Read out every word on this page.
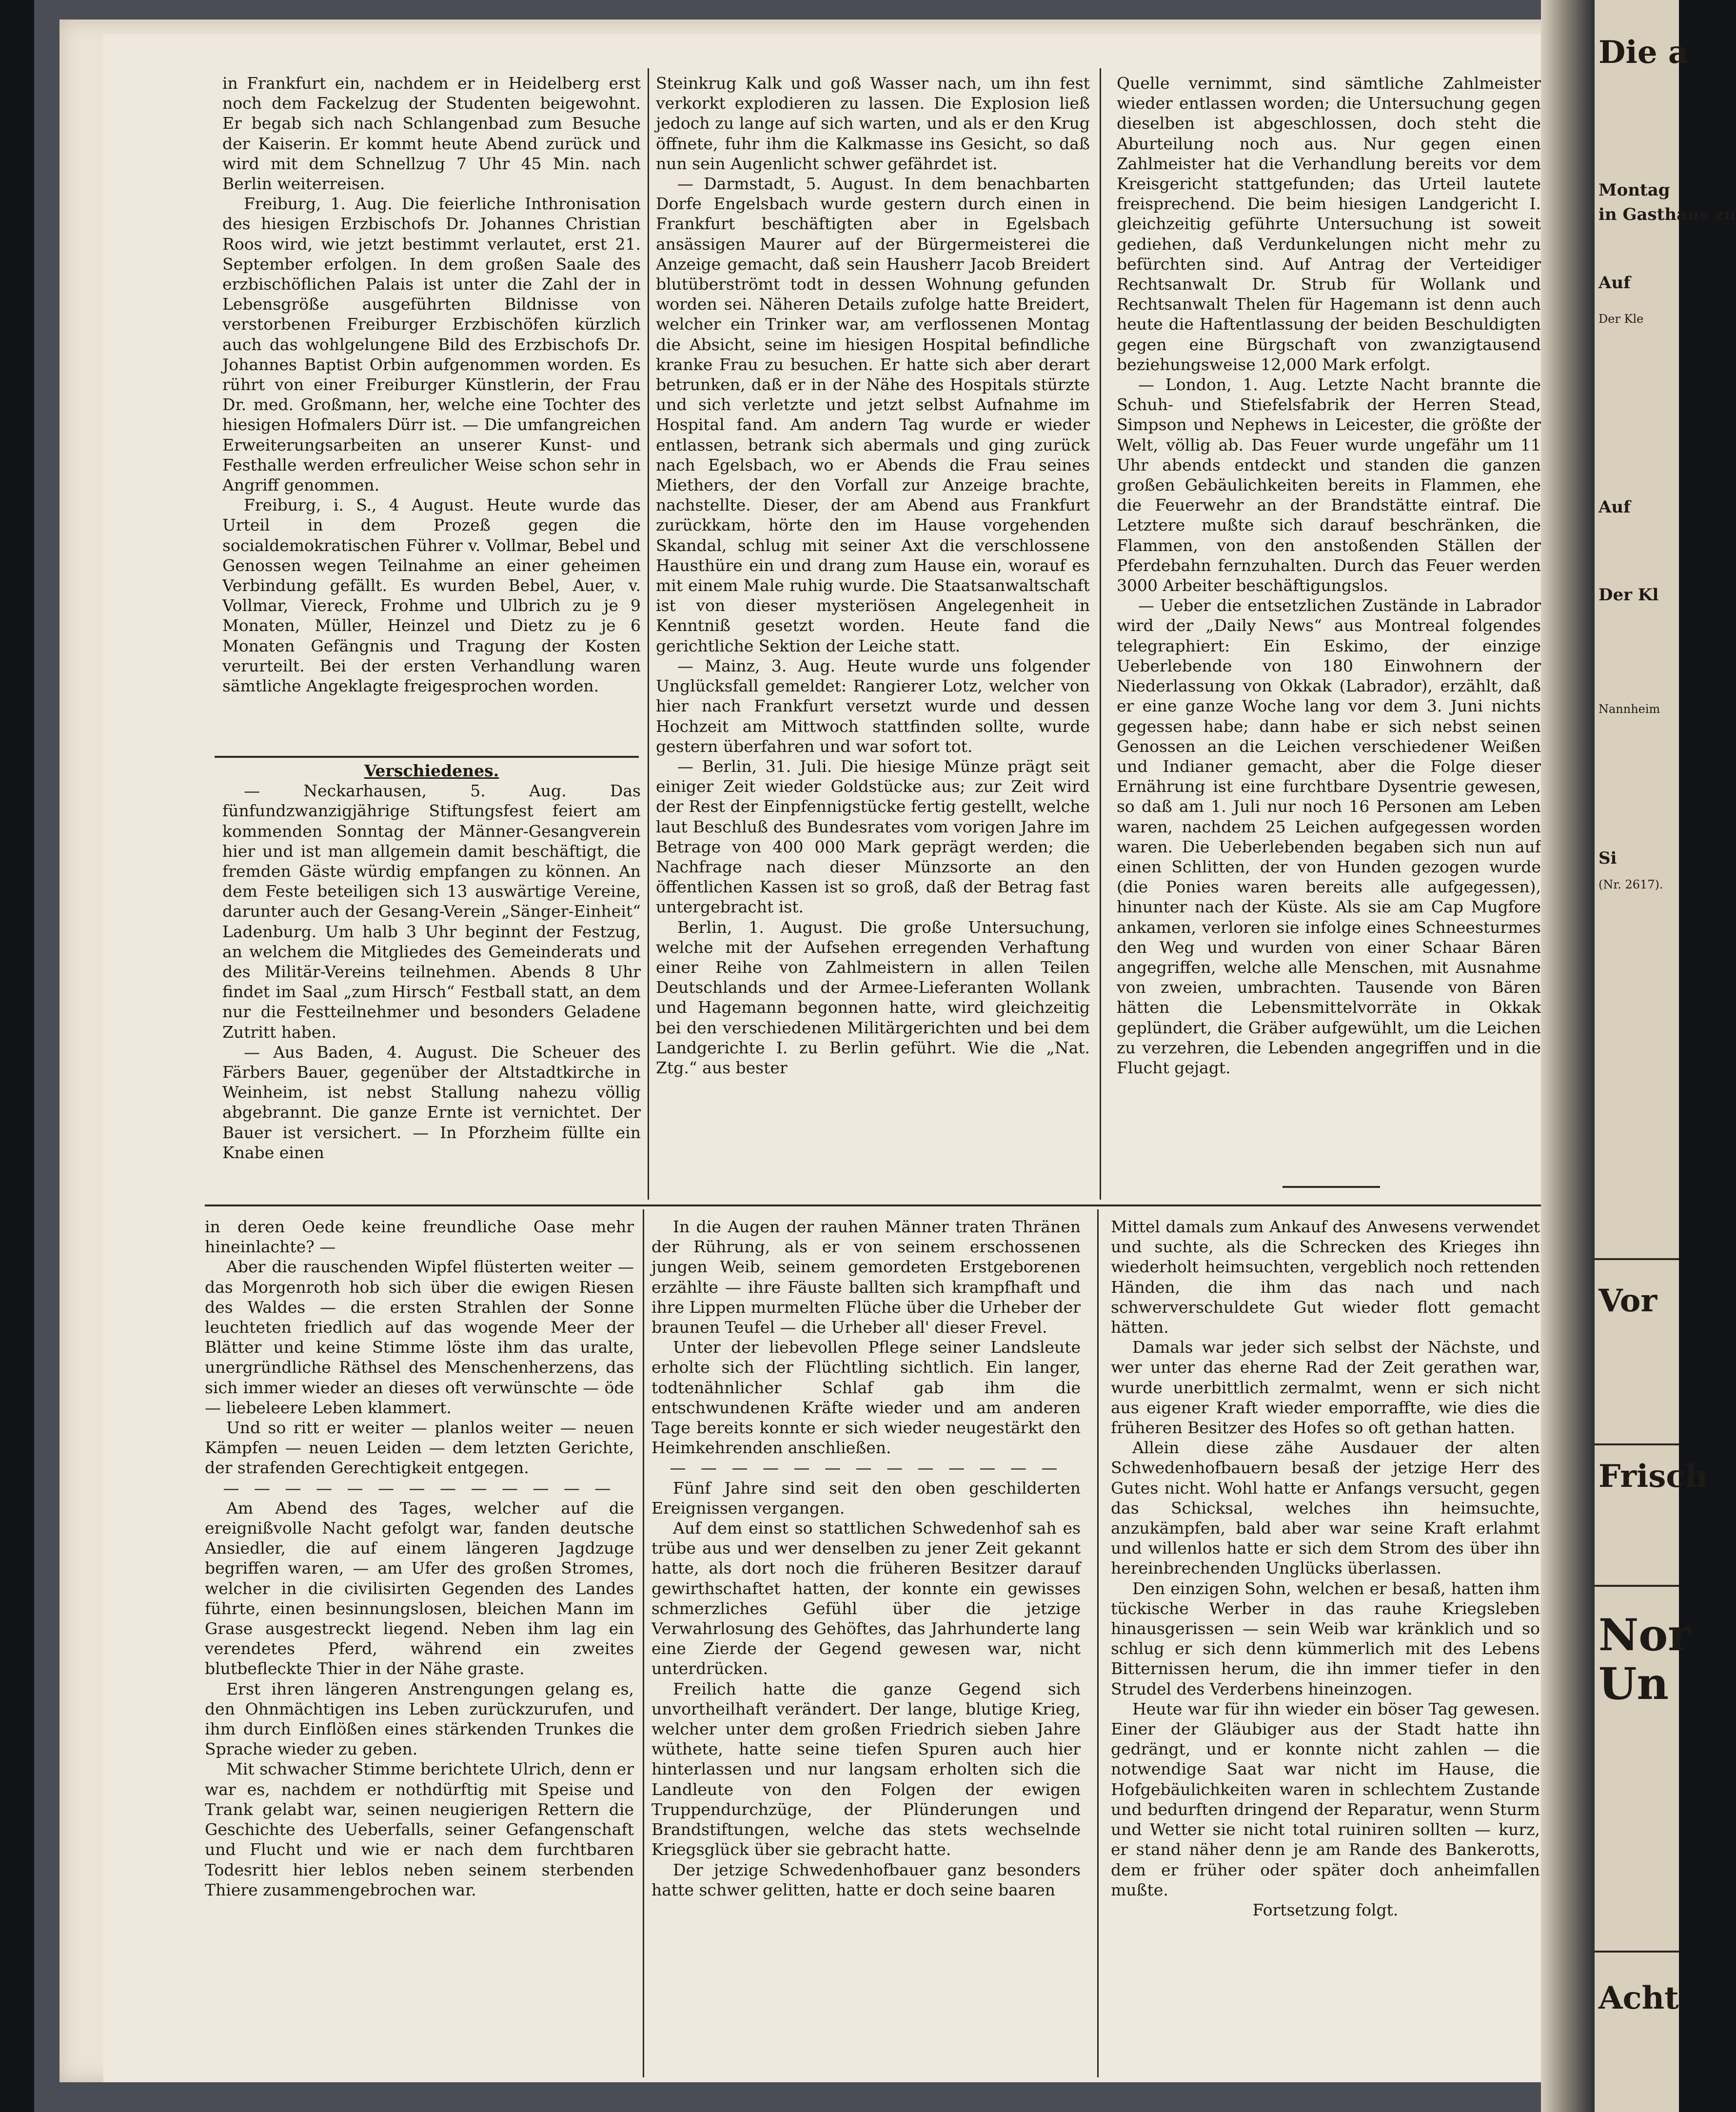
in Frankfurt ein, nachdem er in Heidelberg erst noch dem Fackelzug der Studenten beigewohnt. Er begab sich nach Schlangenbad zum Besuche der Kaiserin. Er kommt heute Abend zurück und wird mit dem Schnellzug 7 Uhr 45 Min. nach Berlin weiterreisen.

Freiburg, 1. Aug. Die feierliche Inthronisation des hiesigen Erzbischofs Dr. Johannes Christian Roos wird, wie jetzt bestimmt verlautet, erst 21. September erfolgen. In dem großen Saale des erzbischöflichen Palais ist unter die Zahl der in Lebensgröße ausgeführten Bildnisse von verstorbenen Freiburger Erzbischöfen kürzlich auch das wohlgelungene Bild des Erzbischofs Dr. Johannes Baptist Orbin aufgenommen worden. Es rührt von einer Freiburger Künstlerin, der Frau Dr. med. Großmann, her, welche eine Tochter des hiesigen Hofmalers Dürr ist. — Die umfangreichen Erweiterungsarbeiten an unserer Kunst- und Festhalle werden erfreulicher Weise schon sehr in Angriff genommen.

Freiburg, i. S., 4 August. Heute wurde das Urteil in dem Prozeß gegen die socialdemokratischen Führer v. Vollmar, Bebel und Genossen wegen Teilnahme an einer geheimen Verbindung gefällt. Es wurden Bebel, Auer, v. Vollmar, Viereck, Frohme und Ulbrich zu je 9 Monaten, Müller, Heinzel und Dietz zu je 6 Monaten Gefängnis und Tragung der Kosten verurteilt. Bei der ersten Verhandlung waren sämtliche Angeklagte freigesprochen worden.

Verschiedenes.

— Neckarhausen, 5. Aug. Das fünfundzwanzigjährige Stiftungsfest feiert am kommenden Sonntag der Männer-Gesangverein hier und ist man allgemein damit beschäftigt, die fremden Gäste würdig empfangen zu können. An dem Feste beteiligen sich 13 auswärtige Vereine, darunter auch der Gesang-Verein „Sänger-Einheit“ Ladenburg. Um halb 3 Uhr beginnt der Festzug, an welchem die Mitgliedes des Gemeinderats und des Militär-Vereins teilnehmen. Abends 8 Uhr findet im Saal „zum Hirsch“ Festball statt, an dem nur die Festteilnehmer und besonders Geladene Zutritt haben.

— Aus Baden, 4. August. Die Scheuer des Färbers Bauer, gegenüber der Altstadtkirche in Weinheim, ist nebst Stallung nahezu völlig abgebrannt. Die ganze Ernte ist vernichtet. Der Bauer ist versichert. — In Pforzheim füllte ein Knabe einen

Steinkrug Kalk und goß Wasser nach, um ihn fest verkorkt explodieren zu lassen. Die Explosion ließ jedoch zu lange auf sich warten, und als er den Krug öffnete, fuhr ihm die Kalkmasse ins Gesicht, so daß nun sein Augenlicht schwer gefährdet ist.

— Darmstadt, 5. August. In dem benachbarten Dorfe Engelsbach wurde gestern durch einen in Frankfurt beschäftigten aber in Egelsbach ansässigen Maurer auf der Bürgermeisterei die Anzeige gemacht, daß sein Hausherr Jacob Breidert blutüberströmt todt in dessen Wohnung gefunden worden sei. Näheren Details zufolge hatte Breidert, welcher ein Trinker war, am verflossenen Montag die Absicht, seine im hiesigen Hospital befindliche kranke Frau zu besuchen. Er hatte sich aber derart betrunken, daß er in der Nähe des Hospitals stürzte und sich verletzte und jetzt selbst Aufnahme im Hospital fand. Am andern Tag wurde er wieder entlassen, betrank sich abermals und ging zurück nach Egelsbach, wo er Abends die Frau seines Miethers, der den Vorfall zur Anzeige brachte, nachstellte. Dieser, der am Abend aus Frankfurt zurückkam, hörte den im Hause vorgehenden Skandal, schlug mit seiner Axt die verschlossene Hausthüre ein und drang zum Hause ein, worauf es mit einem Male ruhig wurde. Die Staatsanwaltschaft ist von dieser mysteriösen Angelegenheit in Kenntniß gesetzt worden. Heute fand die gerichtliche Sektion der Leiche statt.

— Mainz, 3. Aug. Heute wurde uns folgender Unglücksfall gemeldet: Rangierer Lotz, welcher von hier nach Frankfurt versetzt wurde und dessen Hochzeit am Mittwoch stattfinden sollte, wurde gestern überfahren und war sofort tot.

— Berlin, 31. Juli. Die hiesige Münze prägt seit einiger Zeit wieder Goldstücke aus; zur Zeit wird der Rest der Einpfennigstücke fertig gestellt, welche laut Beschluß des Bundesrates vom vorigen Jahre im Betrage von 400 000 Mark geprägt werden; die Nachfrage nach dieser Münzsorte an den öffentlichen Kassen ist so groß, daß der Betrag fast untergebracht ist.

Berlin, 1. August. Die große Untersuchung, welche mit der Aufsehen erregenden Verhaftung einer Reihe von Zahlmeistern in allen Teilen Deutschlands und der Armee-Lieferanten Wollank und Hagemann begonnen hatte, wird gleichzeitig bei den verschiedenen Militärgerichten und bei dem Landgerichte I. zu Berlin geführt. Wie die „Nat. Ztg.“ aus bester

Quelle vernimmt, sind sämtliche Zahlmeister wieder entlassen worden; die Untersuchung gegen dieselben ist abgeschlossen, doch steht die Aburteilung noch aus. Nur gegen einen Zahlmeister hat die Verhandlung bereits vor dem Kreisgericht stattgefunden; das Urteil lautete freisprechend. Die beim hiesigen Landgericht I. gleichzeitig geführte Untersuchung ist soweit gediehen, daß Verdunkelungen nicht mehr zu befürchten sind. Auf Antrag der Verteidiger Rechtsanwalt Dr. Strub für Wollank und Rechtsanwalt Thelen für Hagemann ist denn auch heute die Haftentlassung der beiden Beschuldigten gegen eine Bürgschaft von zwanzigtausend beziehungsweise 12,000 Mark erfolgt.

— London, 1. Aug. Letzte Nacht brannte die Schuh- und Stiefelsfabrik der Herren Stead, Simpson und Nephews in Leicester, die größte der Welt, völlig ab. Das Feuer wurde ungefähr um 11 Uhr abends entdeckt und standen die ganzen großen Gebäulichkeiten bereits in Flammen, ehe die Feuerwehr an der Brandstätte eintraf. Die Letztere mußte sich darauf beschränken, die Flammen, von den anstoßenden Ställen der Pferdebahn fernzuhalten. Durch das Feuer werden 3000 Arbeiter beschäftigungslos.

— Ueber die entsetzlichen Zustände in Labrador wird der „Daily News“ aus Montreal folgendes telegraphiert: Ein Eskimo, der einzige Ueberlebende von 180 Einwohnern der Niederlassung von Okkak (Labrador), erzählt, daß er eine ganze Woche lang vor dem 3. Juni nichts gegessen habe; dann habe er sich nebst seinen Genossen an die Leichen verschiedener Weißen und Indianer gemacht, aber die Folge dieser Ernährung ist eine furchtbare Dysentrie gewesen, so daß am 1. Juli nur noch 16 Personen am Leben waren, nachdem 25 Leichen aufgegessen worden waren. Die Ueberlebenden begaben sich nun auf einen Schlitten, der von Hunden gezogen wurde (die Ponies waren bereits alle aufgegessen), hinunter nach der Küste. Als sie am Cap Mugfore ankamen, verloren sie infolge eines Schneesturmes den Weg und wurden von einer Schaar Bären angegriffen, welche alle Menschen, mit Ausnahme von zweien, umbrachten. Tausende von Bären hätten die Lebensmittelvorräte in Okkak geplündert, die Gräber aufgewühlt, um die Leichen zu verzehren, die Lebenden angegriffen und in die Flucht gejagt.

in deren Oede keine freundliche Oase mehr hineinlachte? —

Aber die rauschenden Wipfel flüsterten weiter — das Morgenroth hob sich über die ewigen Riesen des Waldes — die ersten Strahlen der Sonne leuchteten friedlich auf das wogende Meer der Blätter und keine Stimme löste ihm das uralte, unergründliche Räthsel des Menschenherzens, das sich immer wieder an dieses oft verwünschte — öde — liebeleere Leben klammert.

Und so ritt er weiter — planlos weiter — neuen Kämpfen — neuen Leiden — dem letzten Gerichte, der strafenden Gerechtigkeit entgegen.

— — — — — — — — — — — — —

Am Abend des Tages, welcher auf die ereignißvolle Nacht gefolgt war, fanden deutsche Ansiedler, die auf einem längeren Jagdzuge begriffen waren, — am Ufer des großen Stromes, welcher in die civilisirten Gegenden des Landes führte, einen besinnungslosen, bleichen Mann im Grase ausgestreckt liegend. Neben ihm lag ein verendetes Pferd, während ein zweites blutbefleckte Thier in der Nähe graste.

Erst ihren längeren Anstrengungen gelang es, den Ohnmächtigen ins Leben zurückzurufen, und ihm durch Einflößen eines stärkenden Trunkes die Sprache wieder zu geben.

Mit schwacher Stimme berichtete Ulrich, denn er war es, nachdem er nothdürftig mit Speise und Trank gelabt war, seinen neugierigen Rettern die Geschichte des Ueberfalls, seiner Gefangenschaft und Flucht und wie er nach dem furchtbaren Todesritt hier leblos neben seinem sterbenden Thiere zusammengebrochen war.

In die Augen der rauhen Männer traten Thränen der Rührung, als er von seinem erschossenen jungen Weib, seinem gemordeten Erstgeborenen erzählte — ihre Fäuste ballten sich krampfhaft und ihre Lippen murmelten Flüche über die Urheber der braunen Teufel — die Urheber all' dieser Frevel.

Unter der liebevollen Pflege seiner Landsleute erholte sich der Flüchtling sichtlich. Ein langer, todtenähnlicher Schlaf gab ihm die entschwundenen Kräfte wieder und am anderen Tage bereits konnte er sich wieder neugestärkt den Heimkehrenden anschließen.

— — — — — — — — — — — — —

Fünf Jahre sind seit den oben geschilderten Ereignissen vergangen.

Auf dem einst so stattlichen Schwedenhof sah es trübe aus und wer denselben zu jener Zeit gekannt hatte, als dort noch die früheren Besitzer darauf gewirthschaftet hatten, der konnte ein gewisses schmerzliches Gefühl über die jetzige Verwahrlosung des Gehöftes, das Jahrhunderte lang eine Zierde der Gegend gewesen war, nicht unterdrücken.

Freilich hatte die ganze Gegend sich unvortheilhaft verändert. Der lange, blutige Krieg, welcher unter dem großen Friedrich sieben Jahre wüthete, hatte seine tiefen Spuren auch hier hinterlassen und nur langsam erholten sich die Landleute von den Folgen der ewigen Truppendurchzüge, der Plünderungen und Brandstiftungen, welche das stets wechselnde Kriegsglück über sie gebracht hatte.

Der jetzige Schwedenhofbauer ganz besonders hatte schwer gelitten, hatte er doch seine baaren

Mittel damals zum Ankauf des Anwesens verwendet und suchte, als die Schrecken des Krieges ihn wiederholt heimsuchten, vergeblich noch rettenden Händen, die ihm das nach und nach schwerverschuldete Gut wieder flott gemacht hätten.

Damals war jeder sich selbst der Nächste, und wer unter das eherne Rad der Zeit gerathen war, wurde unerbittlich zermalmt, wenn er sich nicht aus eigener Kraft wieder emporraffte, wie dies die früheren Besitzer des Hofes so oft gethan hatten.

Allein diese zähe Ausdauer der alten Schwedenhofbauern besaß der jetzige Herr des Gutes nicht. Wohl hatte er Anfangs versucht, gegen das Schicksal, welches ihn heimsuchte, anzukämpfen, bald aber war seine Kraft erlahmt und willenlos hatte er sich dem Strom des über ihn hereinbrechenden Unglücks überlassen.

Den einzigen Sohn, welchen er besaß, hatten ihm tückische Werber in das rauhe Kriegsleben hinausgerissen — sein Weib war kränklich und so schlug er sich denn kümmerlich mit des Lebens Bitternissen herum, die ihn immer tiefer in den Strudel des Verderbens hineinzogen.

Heute war für ihn wieder ein böser Tag gewesen. Einer der Gläubiger aus der Stadt hatte ihn gedrängt, und er konnte nicht zahlen — die notwendige Saat war nicht im Hause, die Hofgebäulichkeiten waren in schlechtem Zustande und bedurften dringend der Reparatur, wenn Sturm und Wetter sie nicht total ruiniren sollten — kurz, er stand näher denn je am Rande des Bankerotts, dem er früher oder später doch anheimfallen mußte.

Fortsetzung folgt.

Die a
Montag
in Gasthaus zu
Auf
Der Kle
Auf
Der Kl
Nannheim
Si
(Nr. 2617).
Vor
Frisch
Nor
Un
Acht
